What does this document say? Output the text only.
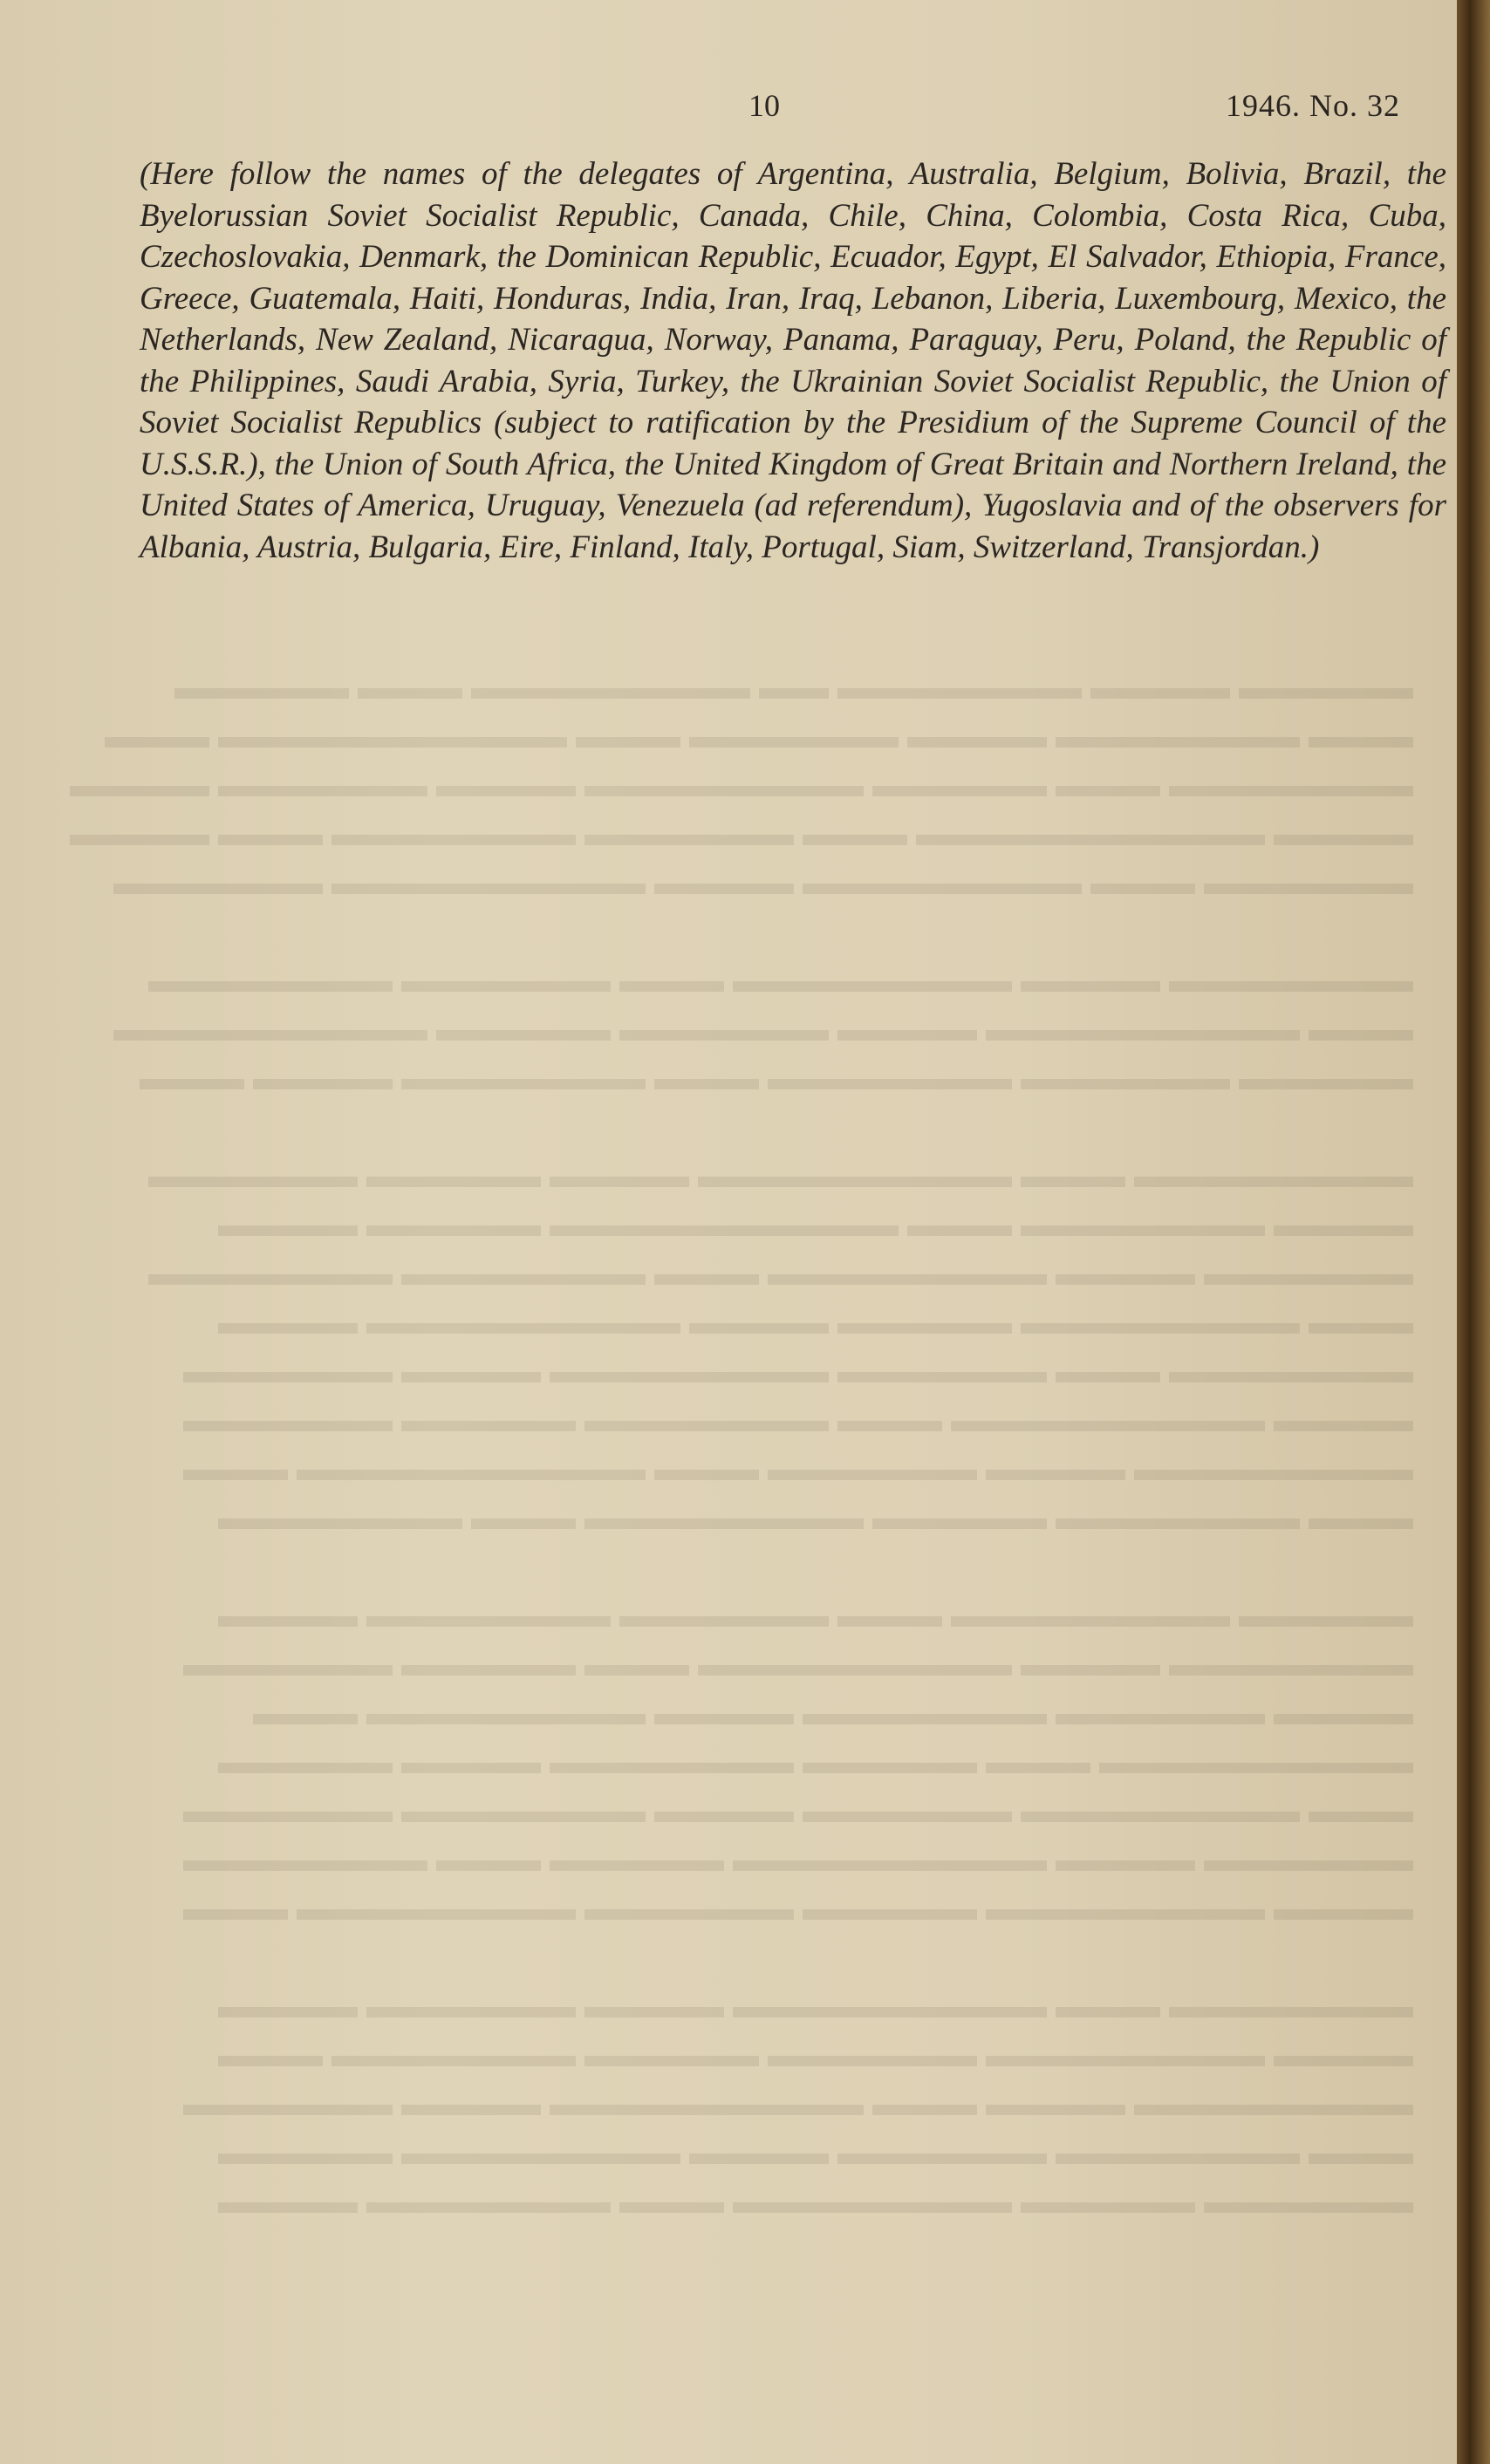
▬▬▬▬▬ ▬▬▬▬ ▬▬▬▬▬▬▬ ▬▬ ▬▬▬▬▬▬▬▬ ▬▬▬ ▬▬▬▬▬
▬▬▬ ▬▬▬▬▬▬▬ ▬▬▬▬ ▬▬▬▬▬▬ ▬▬▬ ▬▬▬▬▬▬▬▬▬▬ ▬▬▬
▬▬▬▬▬▬▬ ▬▬▬ ▬▬▬▬▬ ▬▬▬▬▬▬▬▬ ▬▬▬▬ ▬▬▬▬▬▬ ▬▬▬▬
▬▬▬▬ ▬▬▬▬▬▬▬▬▬▬ ▬▬▬ ▬▬▬▬▬▬ ▬▬▬▬▬▬▬ ▬▬▬ ▬▬▬▬
▬▬▬▬▬▬ ▬▬▬ ▬▬▬▬▬▬▬▬ ▬▬▬▬ ▬▬▬▬▬▬▬▬▬ ▬▬▬▬▬▬

▬▬▬▬▬▬▬ ▬▬▬▬ ▬▬▬▬▬▬▬▬ ▬▬▬ ▬▬▬▬▬▬ ▬▬▬▬▬▬▬
▬▬▬ ▬▬▬▬▬▬▬▬▬ ▬▬▬▬ ▬▬▬▬▬▬ ▬▬▬▬▬ ▬▬▬▬▬▬▬▬▬
▬▬▬▬▬ ▬▬▬▬▬▬ ▬▬▬▬▬▬▬ ▬▬▬ ▬▬▬▬▬▬▬ ▬▬▬▬ ▬▬▬

▬▬▬▬▬▬▬▬ ▬▬▬ ▬▬▬▬▬▬▬▬▬ ▬▬▬▬ ▬▬▬▬▬ ▬▬▬▬▬▬
▬▬▬▬ ▬▬▬▬▬▬▬ ▬▬▬ ▬▬▬▬▬▬▬▬▬▬ ▬▬▬▬▬ ▬▬▬▬
▬▬▬▬▬▬ ▬▬▬▬ ▬▬▬▬▬▬▬▬ ▬▬▬ ▬▬▬▬▬▬▬ ▬▬▬▬▬▬▬
▬▬▬ ▬▬▬▬▬▬▬▬ ▬▬▬▬▬ ▬▬▬▬ ▬▬▬▬▬▬▬▬▬ ▬▬▬▬
▬▬▬▬▬▬▬ ▬▬▬ ▬▬▬▬▬▬ ▬▬▬▬▬▬▬▬ ▬▬▬▬ ▬▬▬▬▬▬
▬▬▬▬ ▬▬▬▬▬▬▬▬▬ ▬▬▬ ▬▬▬▬▬▬▬ ▬▬▬▬▬ ▬▬▬▬▬▬
▬▬▬▬▬▬▬▬ ▬▬▬▬ ▬▬▬▬▬▬ ▬▬▬ ▬▬▬▬▬▬▬▬▬▬ ▬▬▬
▬▬▬ ▬▬▬▬▬▬▬ ▬▬▬▬▬ ▬▬▬▬▬▬▬▬ ▬▬▬ ▬▬▬▬▬▬▬

▬▬▬▬▬ ▬▬▬▬▬▬▬▬ ▬▬▬ ▬▬▬▬▬▬ ▬▬▬▬▬▬▬ ▬▬▬▬
▬▬▬▬▬▬▬ ▬▬▬▬ ▬▬▬▬▬▬▬▬▬ ▬▬▬ ▬▬▬▬▬ ▬▬▬▬▬▬
▬▬▬▬ ▬▬▬▬▬▬ ▬▬▬▬▬▬▬ ▬▬▬▬ ▬▬▬▬▬▬▬▬ ▬▬▬
▬▬▬▬▬▬▬▬▬ ▬▬▬ ▬▬▬▬▬ ▬▬▬▬▬▬▬ ▬▬▬▬ ▬▬▬▬▬
▬▬▬ ▬▬▬▬▬▬▬▬ ▬▬▬▬▬▬ ▬▬▬▬ ▬▬▬▬▬▬▬ ▬▬▬▬▬▬
▬▬▬▬▬▬ ▬▬▬▬ ▬▬▬▬▬▬▬▬▬ ▬▬▬▬▬ ▬▬▬ ▬▬▬▬▬▬▬
▬▬▬▬ ▬▬▬▬▬▬▬▬ ▬▬▬▬▬ ▬▬▬▬▬▬ ▬▬▬▬▬▬▬▬ ▬▬▬

▬▬▬▬▬▬▬ ▬▬▬ ▬▬▬▬▬▬▬▬▬ ▬▬▬▬ ▬▬▬▬▬▬ ▬▬▬▬
▬▬▬▬ ▬▬▬▬▬▬▬▬ ▬▬▬▬▬▬ ▬▬▬▬▬ ▬▬▬▬▬▬▬ ▬▬▬
▬▬▬▬▬▬▬▬ ▬▬▬▬ ▬▬▬ ▬▬▬▬▬▬▬▬▬ ▬▬▬▬ ▬▬▬▬▬▬
▬▬▬ ▬▬▬▬▬▬▬ ▬▬▬▬▬▬ ▬▬▬▬ ▬▬▬▬▬▬▬▬ ▬▬▬▬▬
▬▬▬▬▬▬ ▬▬▬▬▬ ▬▬▬▬▬▬▬▬ ▬▬▬ ▬▬▬▬▬▬▬ ▬▬▬▬
10	1946. No. 32

(Here follow the names of the delegates of Argentina, Australia, Belgium, Bolivia, Brazil, the Byelorussian Soviet Socialist Republic, Canada, Chile, China, Colombia, Costa Rica, Cuba, Czechoslovakia, Denmark, the Dominican Republic, Ecuador, Egypt, El Salvador, Ethiopia, France, Greece, Guatemala, Haiti, Honduras, India, Iran, Iraq, Lebanon, Liberia, Luxembourg, Mexico, the Netherlands, New Zealand, Nicaragua, Norway, Panama, Paraguay, Peru, Poland, the Republic of the Philippines, Saudi Arabia, Syria, Turkey, the Ukrainian Soviet Socialist Republic, the Union of Soviet Socialist Republics (subject to ratification by the Presidium of the Supreme Council of the U.S.S.R.), the Union of South Africa, the United Kingdom of Great Britain and Northern Ireland, the United States of America, Uruguay, Venezuela (ad referendum), Yugoslavia and of the observers for Albania, Austria, Bulgaria, Eire, Finland, Italy, Portugal, Siam, Switzerland, Transjordan.)
